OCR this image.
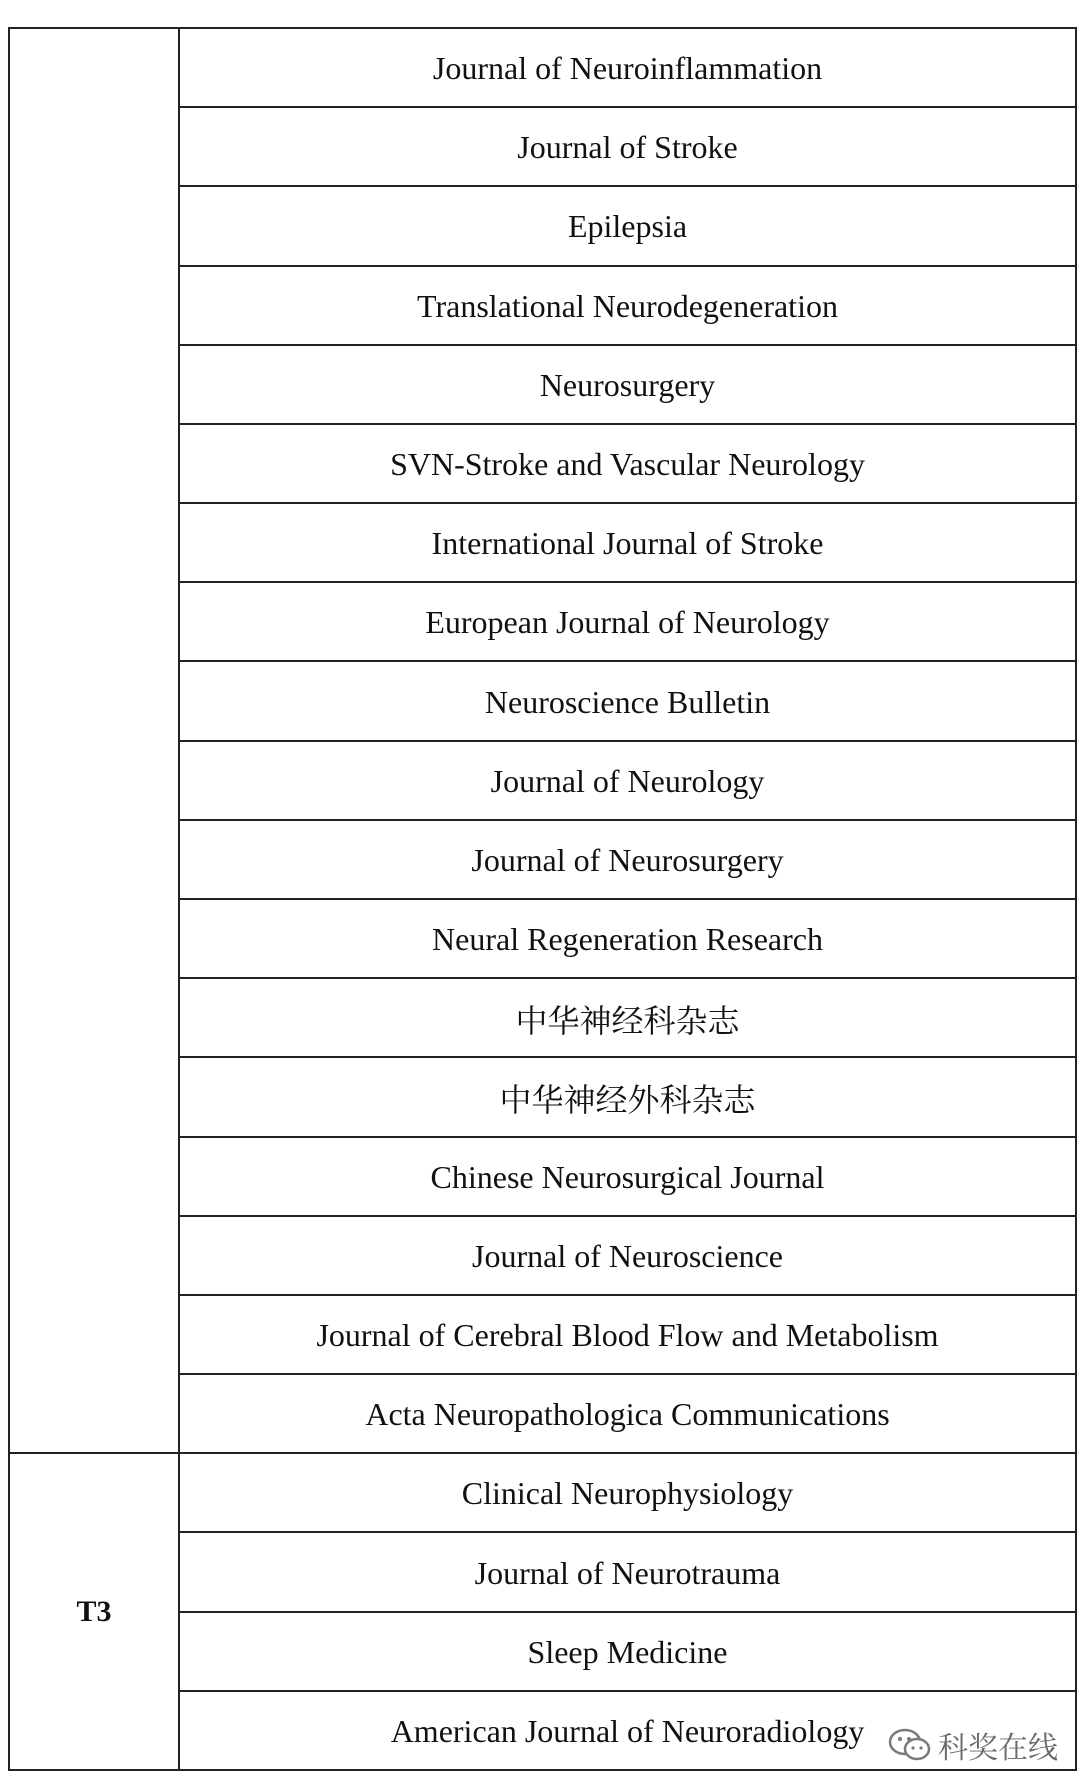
Journal of Neuroinflammation
Journal of Stroke
Epilepsia
Translational Neurodegeneration
Neurosurgery
SVN-Stroke and Vascular Neurology
International Journal of Stroke
European Journal of Neurology
Neuroscience Bulletin
Journal of Neurology
Journal of Neurosurgery
Neural Regeneration Research
中华神经科杂志
中华神经外科杂志
Chinese Neurosurgical Journal
Journal of Neuroscience
Journal of Cerebral Blood Flow and Metabolism
Acta Neuropathologica Communications
T3
Clinical Neurophysiology
Journal of Neurotrauma
Sleep Medicine
American Journal of Neuroradiology	科奖在线
